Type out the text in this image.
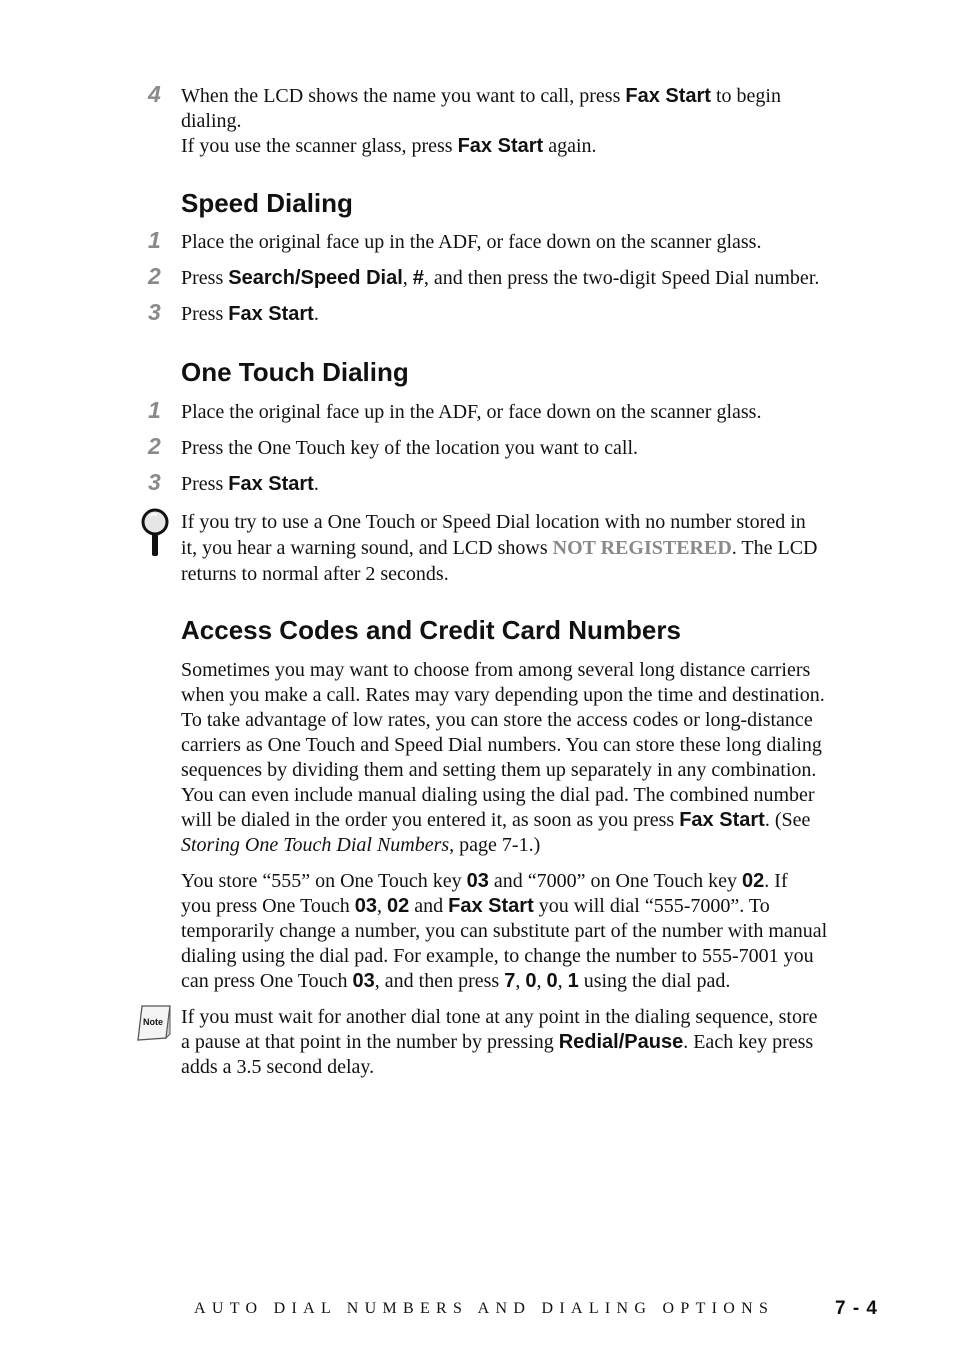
4 When the LCD shows the name you want to call, press Fax Start to begin
dialing.
If you use the scanner glass, press Fax Start again.
Speed Dialing
1 Place the original face up in the ADF, or face down on the scanner glass.
2 Press Search/Speed Dial, #, and then press the two-digit Speed Dial number.
3 Press Fax Start.
One Touch Dialing
1 Place the original face up in the ADF, or face down on the scanner glass.
2 Press the One Touch key of the location you want to call.
3 Press Fax Start.
If you try to use a One Touch or Speed Dial location with no number stored in
it, you hear a warning sound, and LCD shows NOT REGISTERED. The LCD
returns to normal after 2 seconds.
Access Codes and Credit Card Numbers
Sometimes you may want to choose from among several long distance carriers
when you make a call. Rates may vary depending upon the time and destination.
To take advantage of low rates, you can store the access codes or long-distance
carriers as One Touch and Speed Dial numbers. You can store these long dialing
sequences by dividing them and setting them up separately in any combination.
You can even include manual dialing using the dial pad. The combined number
will be dialed in the order you entered it, as soon as you press Fax Start. (See
Storing One Touch Dial Numbers, page 7-1.)
You store “555” on One Touch key 03 and “7000” on One Touch key 02. If
you press One Touch 03, 02 and Fax Start you will dial “555-7000”. To
temporarily change a number, you can substitute part of the number with manual
dialing using the dial pad. For example, to change the number to 555-7001 you
can press One Touch 03, and then press 7, 0, 0, 1 using the dial pad.
Note If you must wait for another dial tone at any point in the dialing sequence, store
a pause at that point in the number by pressing Redial/Pause. Each key press
adds a 3.5 second delay.
AUTO DIAL NUMBERS AND DIALING OPTIONS	7 - 4
